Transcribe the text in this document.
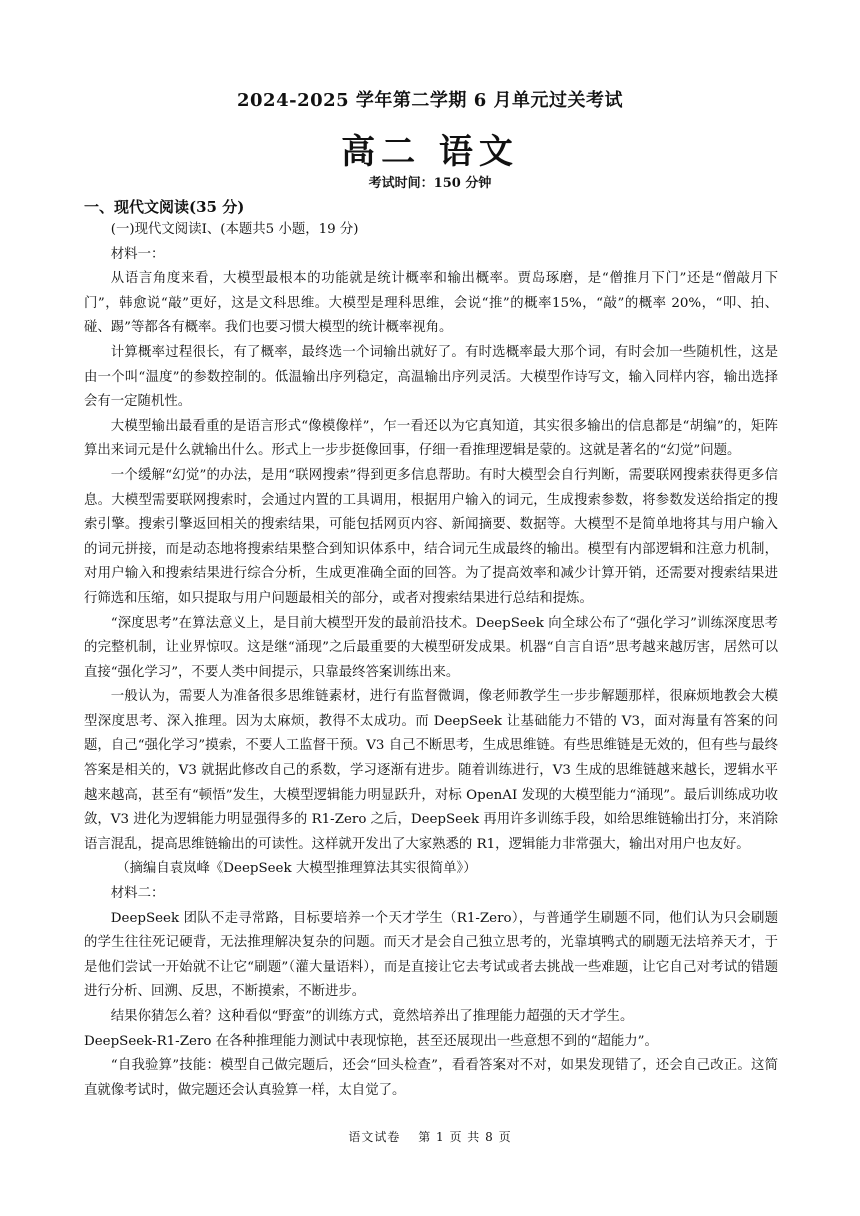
2024-2025 学年第二学期 6 月单元过关考试
高二 语文
考试时间：150 分钟
一、现代文阅读(35 分)

(一)现代文阅读Ⅰ、(本题共5 小题，19 分)

材料一：

从语言角度来看，大模型最根本的功能就是统计概率和输出概率。贾岛琢磨，是“僧推月下门”还是“僧敲月下门”，韩愈说“敲”更好，这是文科思维。大模型是理科思维，会说“推”的概率15%，“敲”的概率 20%，“叩、拍、碰、踢”等都各有概率。我们也要习惯大模型的统计概率视角。

计算概率过程很长，有了概率，最终选一个词输出就好了。有时选概率最大那个词，有时会加一些随机性，这是由一个叫“温度”的参数控制的。低温输出序列稳定，高温输出序列灵活。大模型作诗写文，输入同样内容，输出选择会有一定随机性。

大模型输出最看重的是语言形式“像模像样”，乍一看还以为它真知道，其实很多输出的信息都是“胡编”的，矩阵算出来词元是什么就输出什么。形式上一步步挺像回事，仔细一看推理逻辑是蒙的。这就是著名的“幻觉”问题。

一个缓解“幻觉”的办法，是用“联网搜索”得到更多信息帮助。有时大模型会自行判断，需要联网搜索获得更多信息。大模型需要联网搜索时，会通过内置的工具调用，根据用户输入的词元，生成搜索参数，将参数发送给指定的搜索引擎。搜索引擎返回相关的搜索结果，可能包括网页内容、新闻摘要、数据等。大模型不是简单地将其与用户输入的词元拼接，而是动态地将搜索结果整合到知识体系中，结合词元生成最终的输出。模型有内部逻辑和注意力机制，对用户输入和搜索结果进行综合分析，生成更准确全面的回答。为了提高效率和减少计算开销，还需要对搜索结果进行筛选和压缩，如只提取与用户问题最相关的部分，或者对搜索结果进行总结和提炼。

“深度思考”在算法意义上，是目前大模型开发的最前沿技术。DeepSeek 向全球公布了“强化学习”训练深度思考的完整机制，让业界惊叹。这是继“涌现”之后最重要的大模型研发成果。机器“自言自语”思考越来越厉害，居然可以直接“强化学习”，不要人类中间提示，只靠最终答案训练出来。

一般认为，需要人为准备很多思维链素材，进行有监督微调，像老师教学生一步步解题那样，很麻烦地教会大模型深度思考、深入推理。因为太麻烦，教得不太成功。而 DeepSeek 让基础能力不错的 V3，面对海量有答案的问题，自己“强化学习”摸索，不要人工监督干预。V3 自己不断思考，生成思维链。有些思维链是无效的，但有些与最终答案是相关的，V3 就据此修改自己的系数，学习逐渐有进步。随着训练进行，V3 生成的思维链越来越长，逻辑水平越来越高，甚至有“顿悟”发生，大模型逻辑能力明显跃升，对标 OpenAI 发现的大模型能力“涌现”。最后训练成功收敛，V3 进化为逻辑能力明显强得多的 R1-Zero 之后，DeepSeek 再用许多训练手段，如给思维链输出打分，来消除语言混乱，提高思维链输出的可读性。这样就开发出了大家熟悉的 R1，逻辑能力非常强大，输出对用户也友好。

（摘编自袁岚峰《DeepSeek 大模型推理算法其实很简单》）

材料二：

DeepSeek 团队不走寻常路，目标要培养一个天才学生（R1-Zero），与普通学生刷题不同，他们认为只会刷题的学生往往死记硬背，无法推理解决复杂的问题。而天才是会自己独立思考的，光靠填鸭式的刷题无法培养天才，于是他们尝试一开始就不让它“刷题”（灌大量语料），而是直接让它去考试或者去挑战一些难题，让它自己对考试的错题进行分析、回溯、反思，不断摸索，不断进步。

结果你猜怎么着？这种看似“野蛮”的训练方式，竟然培养出了推理能力超强的天才学生。

DeepSeek-R1-Zero 在各种推理能力测试中表现惊艳，甚至还展现出一些意想不到的“超能力”。

“自我验算”技能：模型自己做完题后，还会“回头检查”，看看答案对不对，如果发现错了，还会自己改正。这简直就像考试时，做完题还会认真验算一样，太自觉了。

语文试卷　 第 1 页 共 8 页
